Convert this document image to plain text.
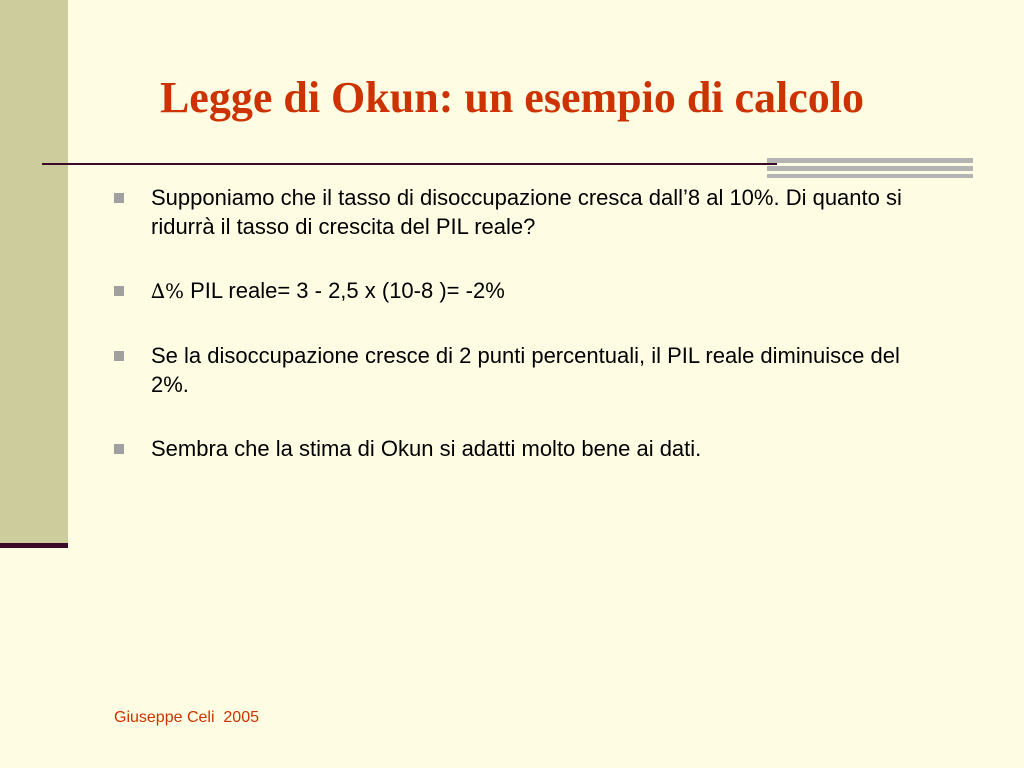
Legge di Okun: un esempio di calcolo
Supponiamo che il tasso di disoccupazione cresca dall’8 al 10%. Di quanto si ridurrà il tasso di crescita del PIL reale?
∆% PIL reale= 3 - 2,5 x (10-8 )= -2%
Se la disoccupazione cresce di 2 punti percentuali, il PIL reale diminuisce del 2%.
Sembra che la stima di Okun si adatti molto bene ai dati.
Giuseppe Celi  2005
